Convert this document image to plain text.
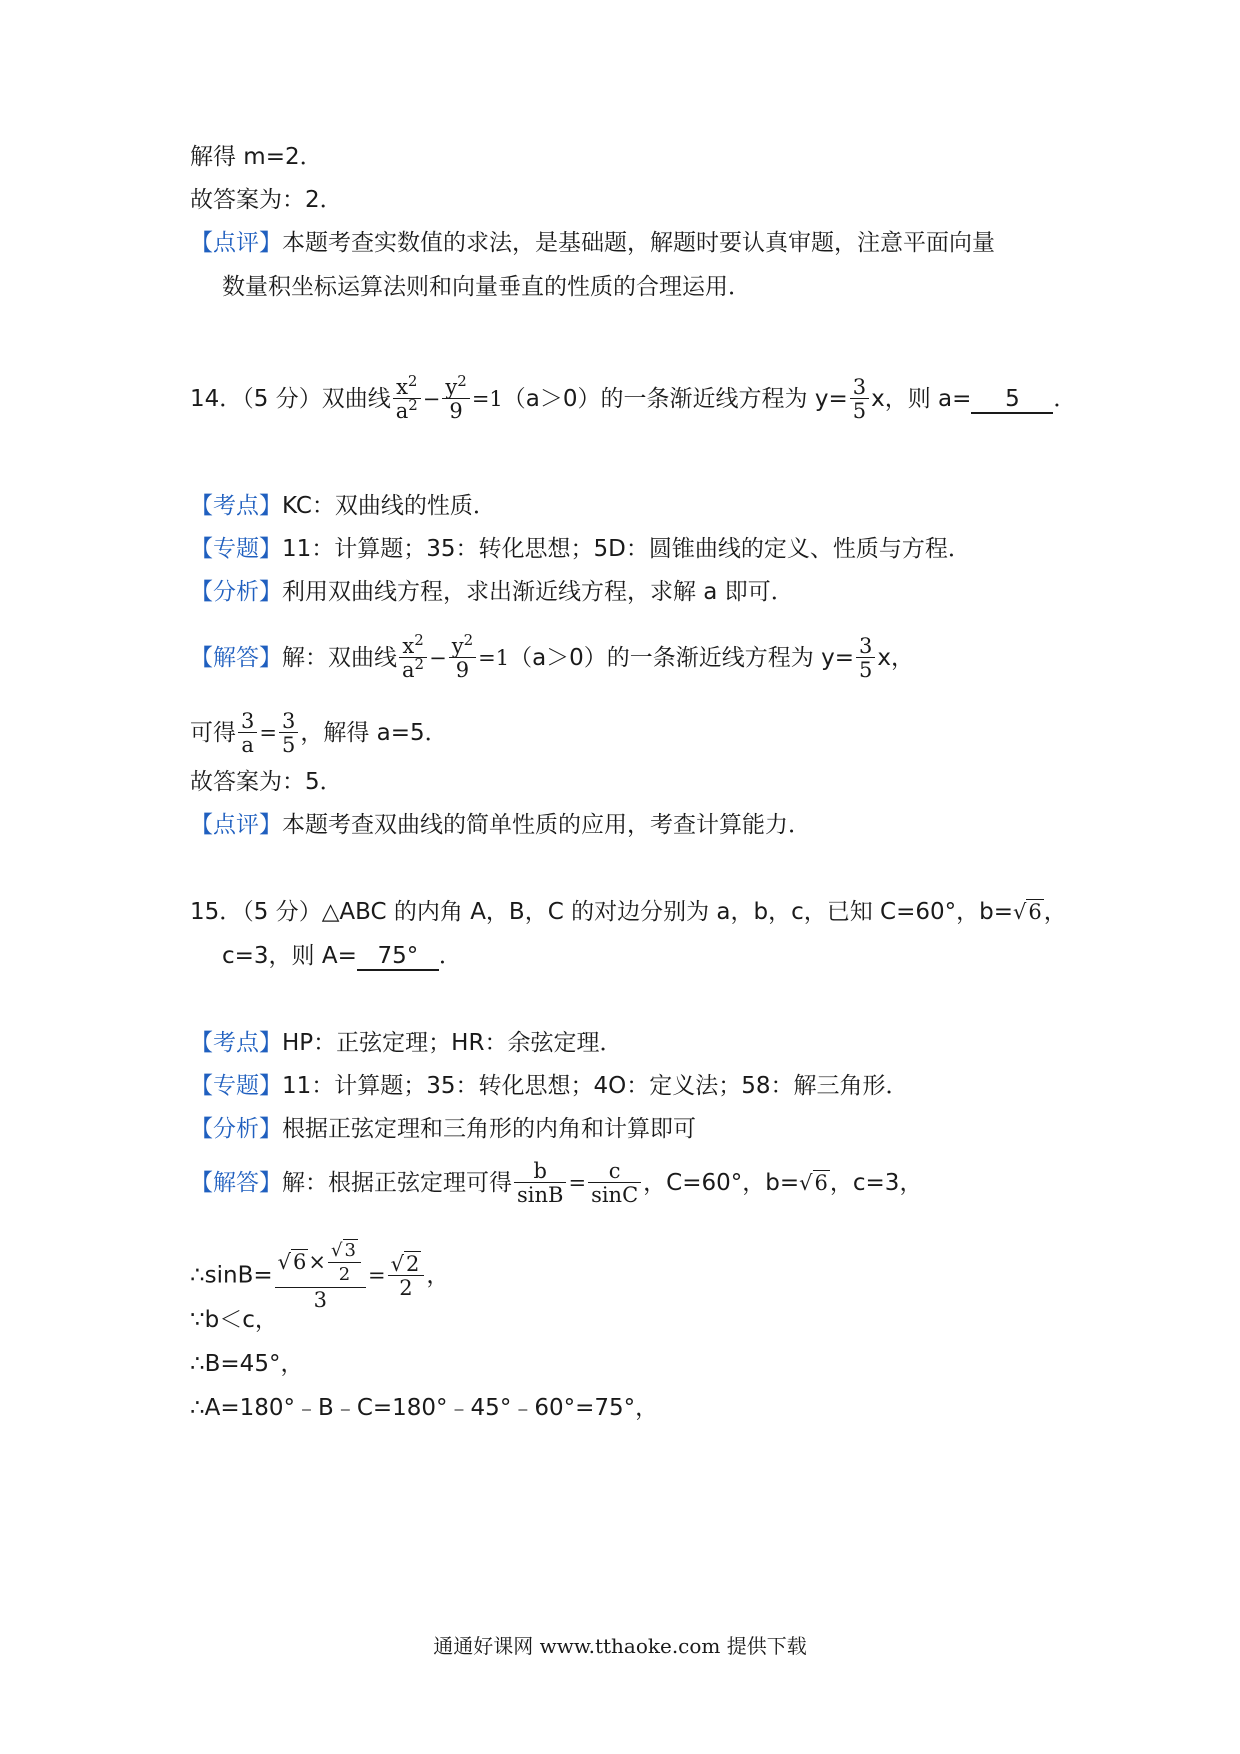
解得 m=2．
故答案为：2．
【点评】本题考查实数值的求法，是基础题，解题时要认真审题，注意平面向量
数量积坐标运算法则和向量垂直的性质的合理运用．
14．（5 分）双曲线 $\frac{x^2}{a^2} - \frac{y^2}{9} =1(a>0)$的一条渐近线方程为 $y= \frac{3}{5}$ x，则 a= 5 ．
【考点】KC：双曲线的性质．
【专题】11：计算题；35：转化思想；5D：圆锥曲线的定义、性质与方程．
【分析】利用双曲线方程，求出渐近线方程，求解 a 即可．
【解答】解：双曲线 $\frac{x^2}{a^2} - \frac{y^2}{9} =1(a>0)$的一条渐近线方程为 $y= \frac{3}{5}$ x，
可得 $\frac{3}{a} = \frac{3}{5}$ ，解得 a=5．
故答案为：5．
【点评】本题考查双曲线的简单性质的应用，考查计算能力．
15．（5 分）△ABC 的内角 A，B，C 的对边分别为 a，b，c，已知 C=60°，b=√6，
c=3，则 A= 75° ．
【考点】HP：正弦定理；HR：余弦定理．
【专题】11：计算题；35：转化思想；4O：定义法；58：解三角形．
【分析】根据正弦定理和三角形的内角和计算即可
【解答】解：根据正弦定理可得 $\frac{b}{\sin B} = \frac{c}{\sin C}$ ，C=60°，b=√6，c=3，
∴sinB= $\frac{√6\times \frac{√ 3}{2}}{3} = \frac{√2}{2}$ ，
∵b＜c，
∴B=45°，
∴A=180°﹣B﹣C=180°﹣45°﹣60°=75°，
通通好课网 www.tthaoke.com 提供下载
